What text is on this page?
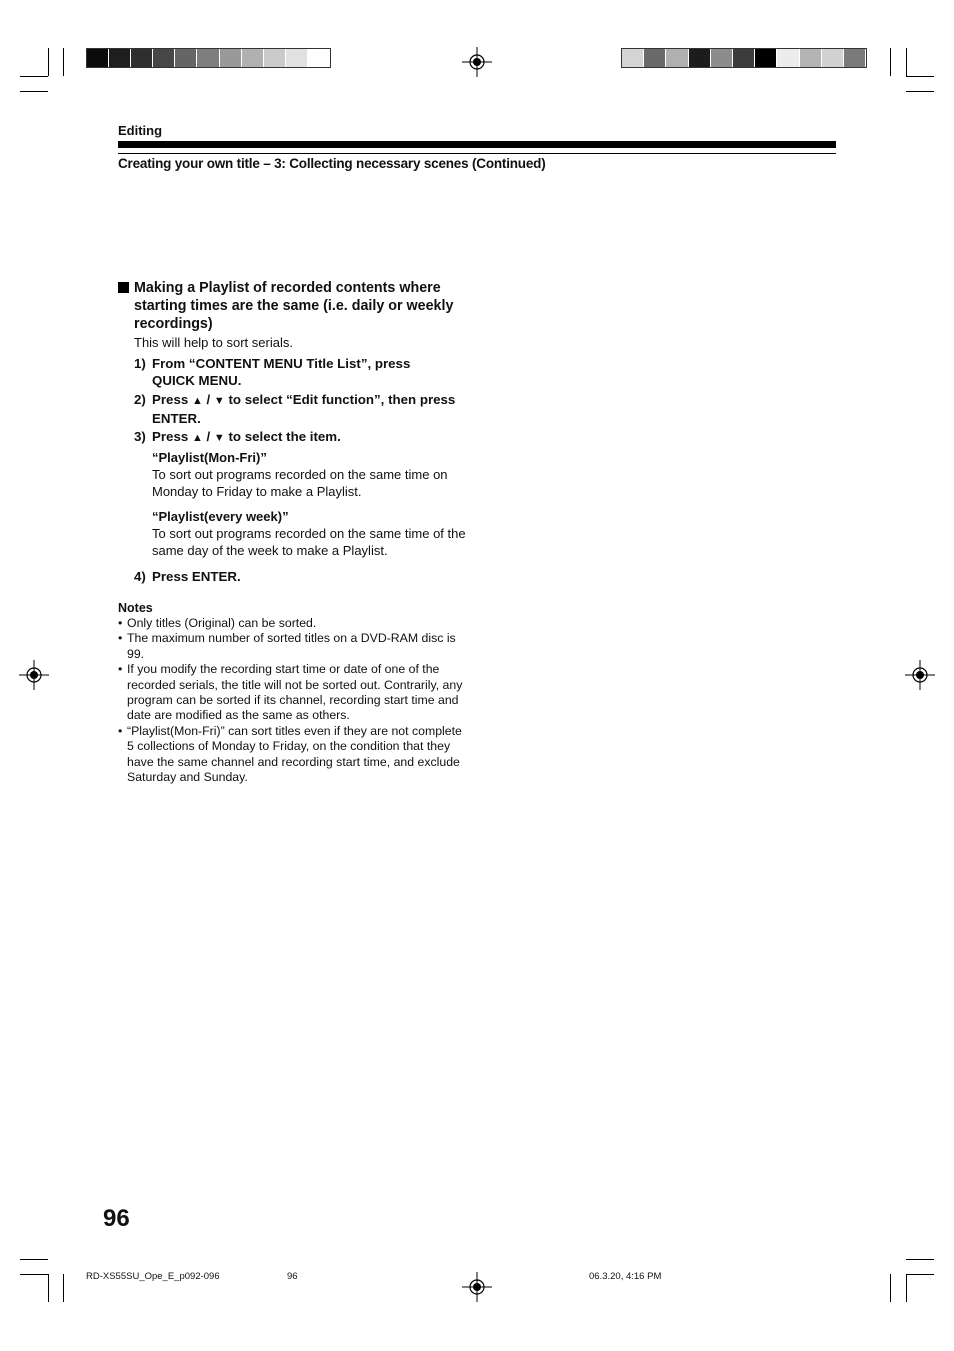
Editing
Creating your own title – 3: Collecting necessary scenes (Continued)
Making a Playlist of recorded contents where starting times are the same (i.e. daily or weekly recordings)
This will help to sort serials.
1) From “CONTENT MENU Title List”, press
QUICK MENU.
2) Press ▲ / ▼ to select “Edit function”, then press
ENTER.
3) Press ▲ / ▼ to select the item.
“Playlist(Mon-Fri)”
To sort out programs recorded on the same time on Monday to Friday to make a Playlist.
“Playlist(every week)”
To sort out programs recorded on the same time of the same day of the week to make a Playlist.
4) Press ENTER.
Notes
• Only titles (Original) can be sorted.
• The maximum number of sorted titles on a DVD-RAM disc is 99.
• If you modify the recording start time or date of one of the recorded serials, the title will not be sorted out. Contrarily, any program can be sorted if its channel, recording start time and date are modified as the same as others.
• “Playlist(Mon-Fri)” can sort titles even if they are not complete 5 collections of Monday to Friday, on the condition that they have the same channel and recording start time, and exclude Saturday and Sunday.
96
RD-XS55SU_Ope_E_p092-096	96	06.3.20, 4:16 PM
